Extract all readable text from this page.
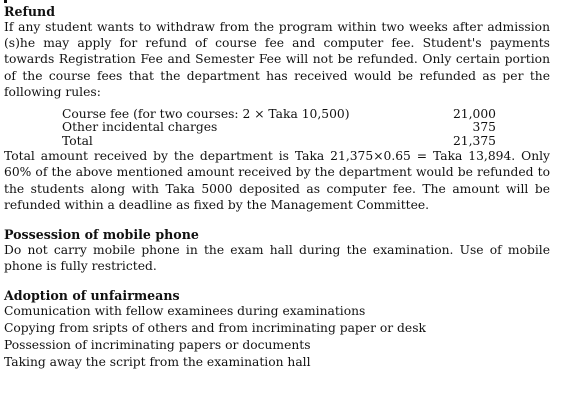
Refund

If any student wants to withdraw from the program within two weeks after admission (s)he may apply for refund of course fee and computer fee. Student's payments towards Registration Fee and Semester Fee will not be refunded. Only certain portion of the course fees that the department has received would be refunded as per the following rules:

Course fee (for two courses: 2 × Taka 10,500)	21,000
Other incidental charges	375
Total	21,375

Total amount received by the department is Taka 21,375×0.65 = Taka 13,894. Only 60% of the above mentioned amount received by the department would be refunded to the students along with Taka 5000 deposited as computer fee. The amount will be refunded within a deadline as fixed by the Management Committee.

Possession of mobile phone

Do not carry mobile phone in the exam hall during the examination. Use of mobile phone is fully restricted.

Adoption of unfairmeans

Comunication with fellow examinees during examinations

Copying from sripts of others and from incriminating paper or desk

Possession of incriminating papers or documents

Taking away the script from the examination hall
